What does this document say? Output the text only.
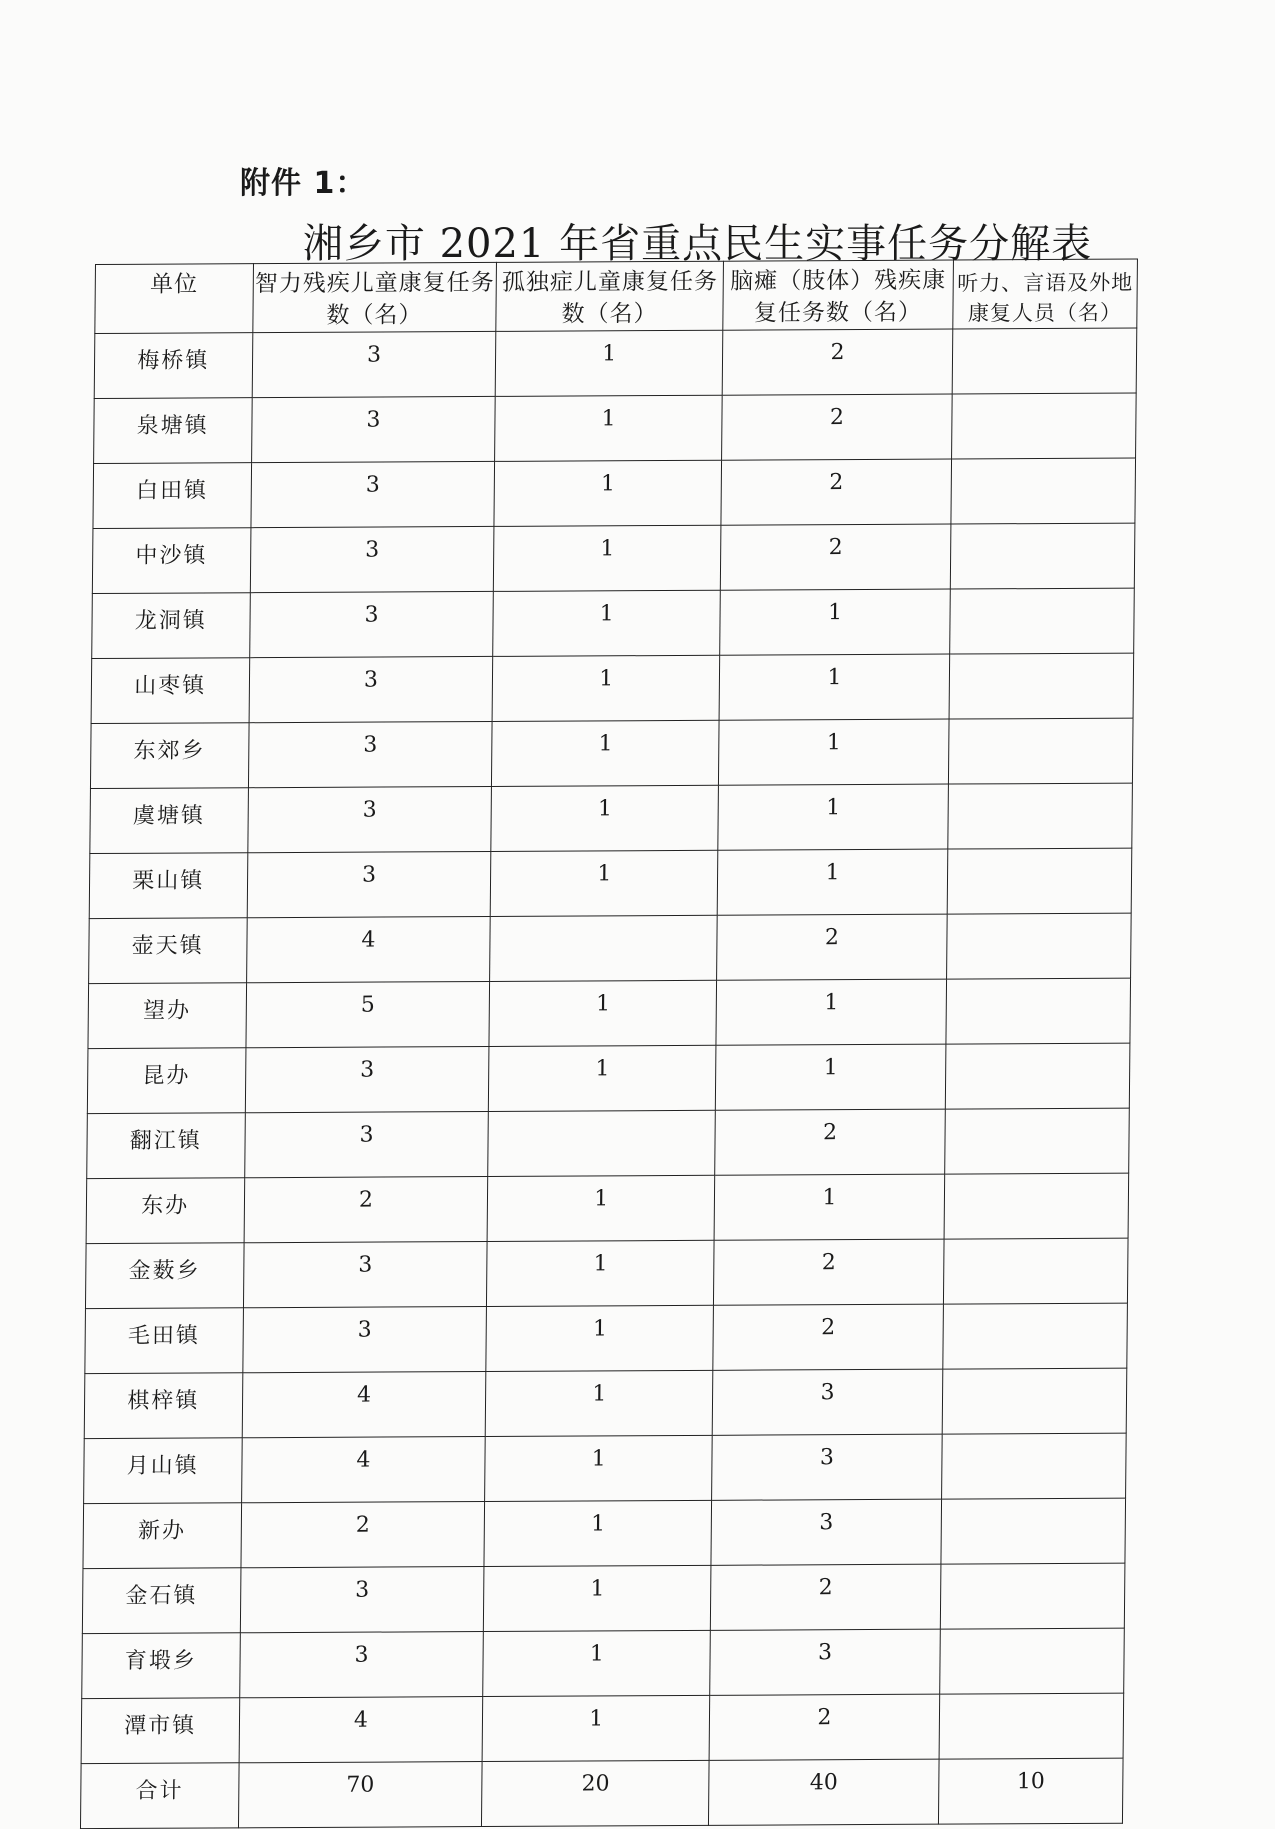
附件 1：
湘乡市 2021 年省重点民生实事任务分解表
单位	智力残疾儿童康复任务数（名）	孤独症儿童康复任务数（名）	脑瘫（肢体）残疾康复任务数（名）	听力、言语及外地康复人员（名）
梅桥镇	3	1	2	
泉塘镇	3	1	2	
白田镇	3	1	2	
中沙镇	3	1	2	
龙洞镇	3	1	1	
山枣镇	3	1	1	
东郊乡	3	1	1	
虞塘镇	3	1	1	
栗山镇	3	1	1	
壶天镇	4		2	
望办	5	1	1	
昆办	3	1	1	
翻江镇	3		2	
东办	2	1	1	
金薮乡	3	1	2	
毛田镇	3	1	2	
棋梓镇	4	1	3	
月山镇	4	1	3	
新办	2	1	3	
金石镇	3	1	2	
育塅乡	3	1	3	
潭市镇	4	1	2	
合计	70	20	40	10
